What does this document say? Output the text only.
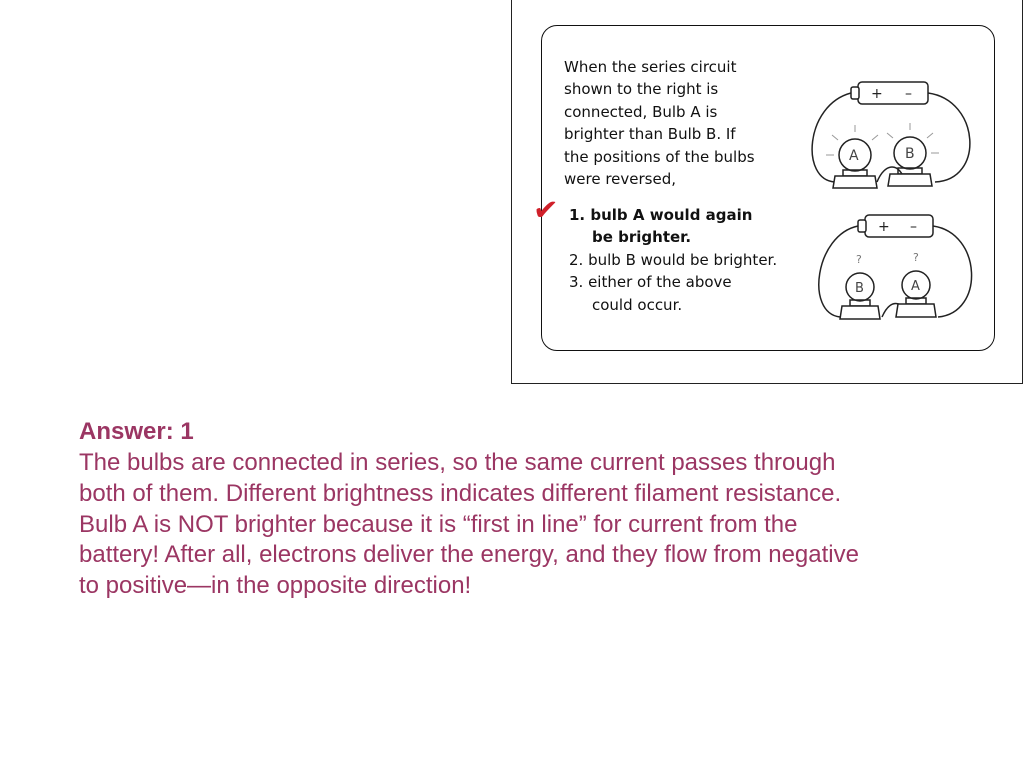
When the series circuit
shown to the right is
connected, Bulb A is
brighter than Bulb B. If
the positions of the bulbs
were reversed,
✔ 1. bulb A would again
be brighter.
2. bulb B would be brighter.
3. either of the above
could occur.
+ –
A	B
+ –
B	A
?	?
Answer: 1
The bulbs are connected in series, so the same current passes through
both of them. Different brightness indicates different filament resistance.
Bulb A is NOT brighter because it is “first in line” for current from the
battery! After all, electrons deliver the energy, and they flow from negative
to positive—in the opposite direction!
